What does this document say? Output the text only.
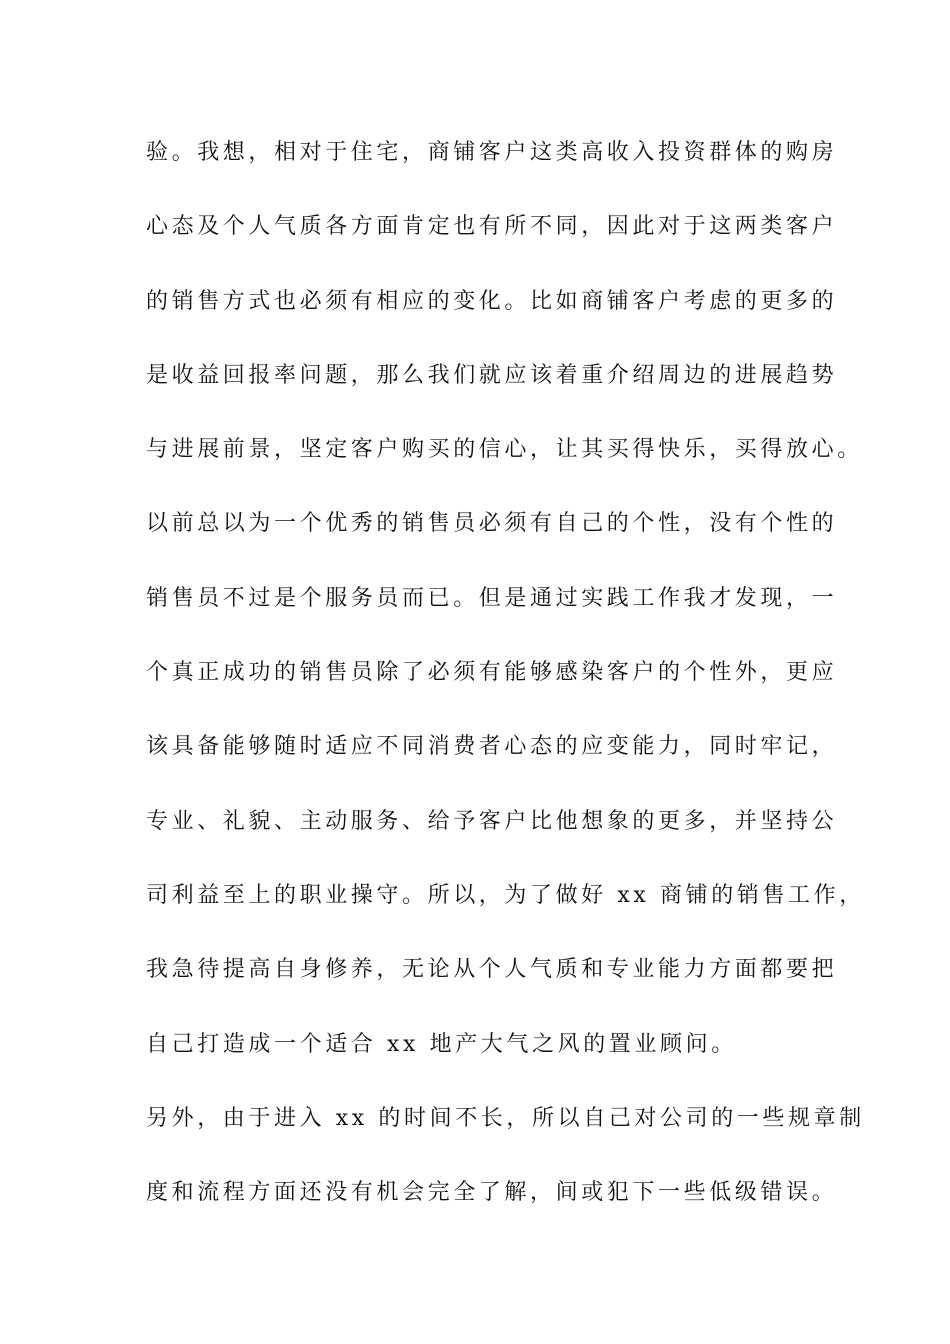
验。我想，相对于住宅，商铺客户这类高收入投资群体的购房
心态及个人气质各方面肯定也有所不同，因此对于这两类客户
的销售方式也必须有相应的变化。比如商铺客户考虑的更多的
是收益回报率问题，那么我们就应该着重介绍周边的进展趋势
与进展前景，坚定客户购买的信心，让其买得快乐，买得放心。
以前总以为一个优秀的销售员必须有自己的个性，没有个性的
销售员不过是个服务员而已。但是通过实践工作我才发现，一
个真正成功的销售员除了必须有能够感染客户的个性外，更应
该具备能够随时适应不同消费者心态的应变能力，同时牢记，
专业、礼貌、主动服务、给予客户比他想象的更多，并坚持公
司利益至上的职业操守。所以，为了做好 xx 商铺的销售工作，
我急待提高自身修养，无论从个人气质和专业能力方面都要把
自己打造成一个适合 xx 地产大气之风的置业顾问。
另外，由于进入 xx 的时间不长，所以自己对公司的一些规章制
度和流程方面还没有机会完全了解，间或犯下一些低级错误。
